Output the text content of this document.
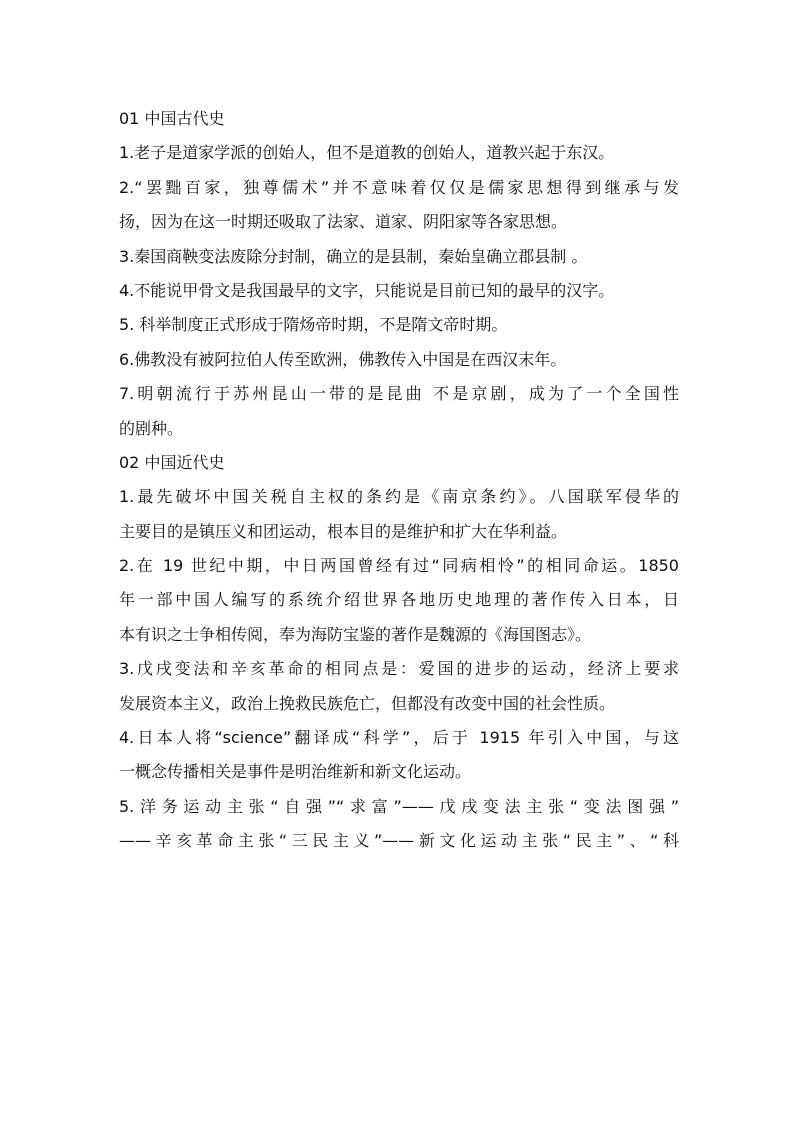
01 中国古代史
1.老子是道家学派的创始人，但不是道教的创始人，道教兴起于东汉。
2.“罢黜百家，独尊儒术”并不意味着仅仅是儒家思想得到继承与发
扬，因为在这一时期还吸取了法家、道家、阴阳家等各家思想。
3.秦国商鞅变法废除分封制，确立的是县制，秦始皇确立郡县制 。
4.不能说甲骨文是我国最早的文字，只能说是目前已知的最早的汉字。
5. 科举制度正式形成于隋炀帝时期，不是隋文帝时期。
6.佛教没有被阿拉伯人传至欧洲，佛教传入中国是在西汉末年。
7.明朝流行于苏州昆山一带的是昆曲 不是京剧，成为了一个全国性
的剧种。
02 中国近代史
1.最先破坏中国关税自主权的条约是《南京条约》。八国联军侵华的
主要目的是镇压义和团运动，根本目的是维护和扩大在华利益。
2.在 19 世纪中期，中日两国曾经有过“同病相怜”的相同命运。1850
年一部中国人编写的系统介绍世界各地历史地理的著作传入日本，日
本有识之士争相传阅，奉为海防宝鉴的著作是魏源的《海国图志》。
3.戊戌变法和辛亥革命的相同点是：爱国的进步的运动，经济上要求
发展资本主义，政治上挽救民族危亡，但都没有改变中国的社会性质。
4.日本人将“science”翻译成“科学”，后于 1915 年引入中国，与这
一概念传播相关是事件是明治维新和新文化运动。
5.洋务运动主张“自强”“求富”——戊戌变法主张“变法图强”
——辛亥革命主张“三民主义”——新文化运动主张“民主”、“科
